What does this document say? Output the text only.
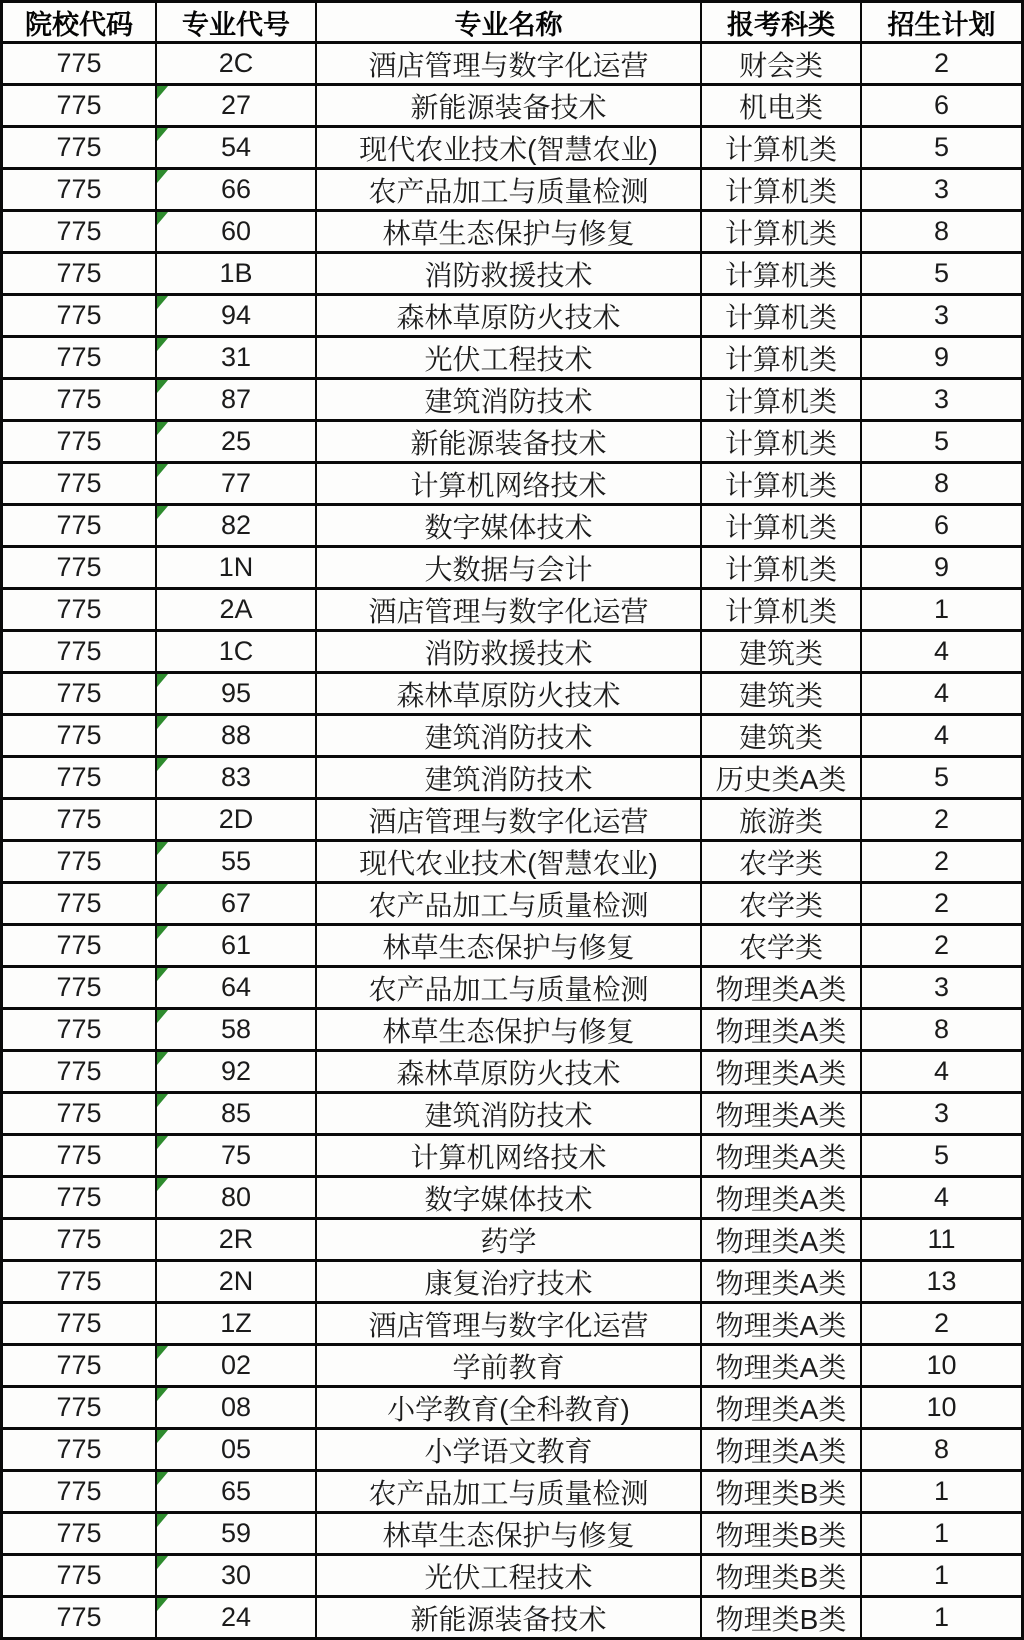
院校代码	专业代号	专业名称	报考科类	招生计划
775	2C	酒店管理与数字化运营	财会类	2
775	27	新能源装备技术	机电类	6
775	54	现代农业技术(智慧农业)	计算机类	5
775	66	农产品加工与质量检测	计算机类	3
775	60	林草生态保护与修复	计算机类	8
775	1B	消防救援技术	计算机类	5
775	94	森林草原防火技术	计算机类	3
775	31	光伏工程技术	计算机类	9
775	87	建筑消防技术	计算机类	3
775	25	新能源装备技术	计算机类	5
775	77	计算机网络技术	计算机类	8
775	82	数字媒体技术	计算机类	6
775	1N	大数据与会计	计算机类	9
775	2A	酒店管理与数字化运营	计算机类	1
775	1C	消防救援技术	建筑类	4
775	95	森林草原防火技术	建筑类	4
775	88	建筑消防技术	建筑类	4
775	83	建筑消防技术	历史类A类	5
775	2D	酒店管理与数字化运营	旅游类	2
775	55	现代农业技术(智慧农业)	农学类	2
775	67	农产品加工与质量检测	农学类	2
775	61	林草生态保护与修复	农学类	2
775	64	农产品加工与质量检测	物理类A类	3
775	58	林草生态保护与修复	物理类A类	8
775	92	森林草原防火技术	物理类A类	4
775	85	建筑消防技术	物理类A类	3
775	75	计算机网络技术	物理类A类	5
775	80	数字媒体技术	物理类A类	4
775	2R	药学	物理类A类	11
775	2N	康复治疗技术	物理类A类	13
775	1Z	酒店管理与数字化运营	物理类A类	2
775	02	学前教育	物理类A类	10
775	08	小学教育(全科教育)	物理类A类	10
775	05	小学语文教育	物理类A类	8
775	65	农产品加工与质量检测	物理类B类	1
775	59	林草生态保护与修复	物理类B类	1
775	30	光伏工程技术	物理类B类	1
775	24	新能源装备技术	物理类B类	1
